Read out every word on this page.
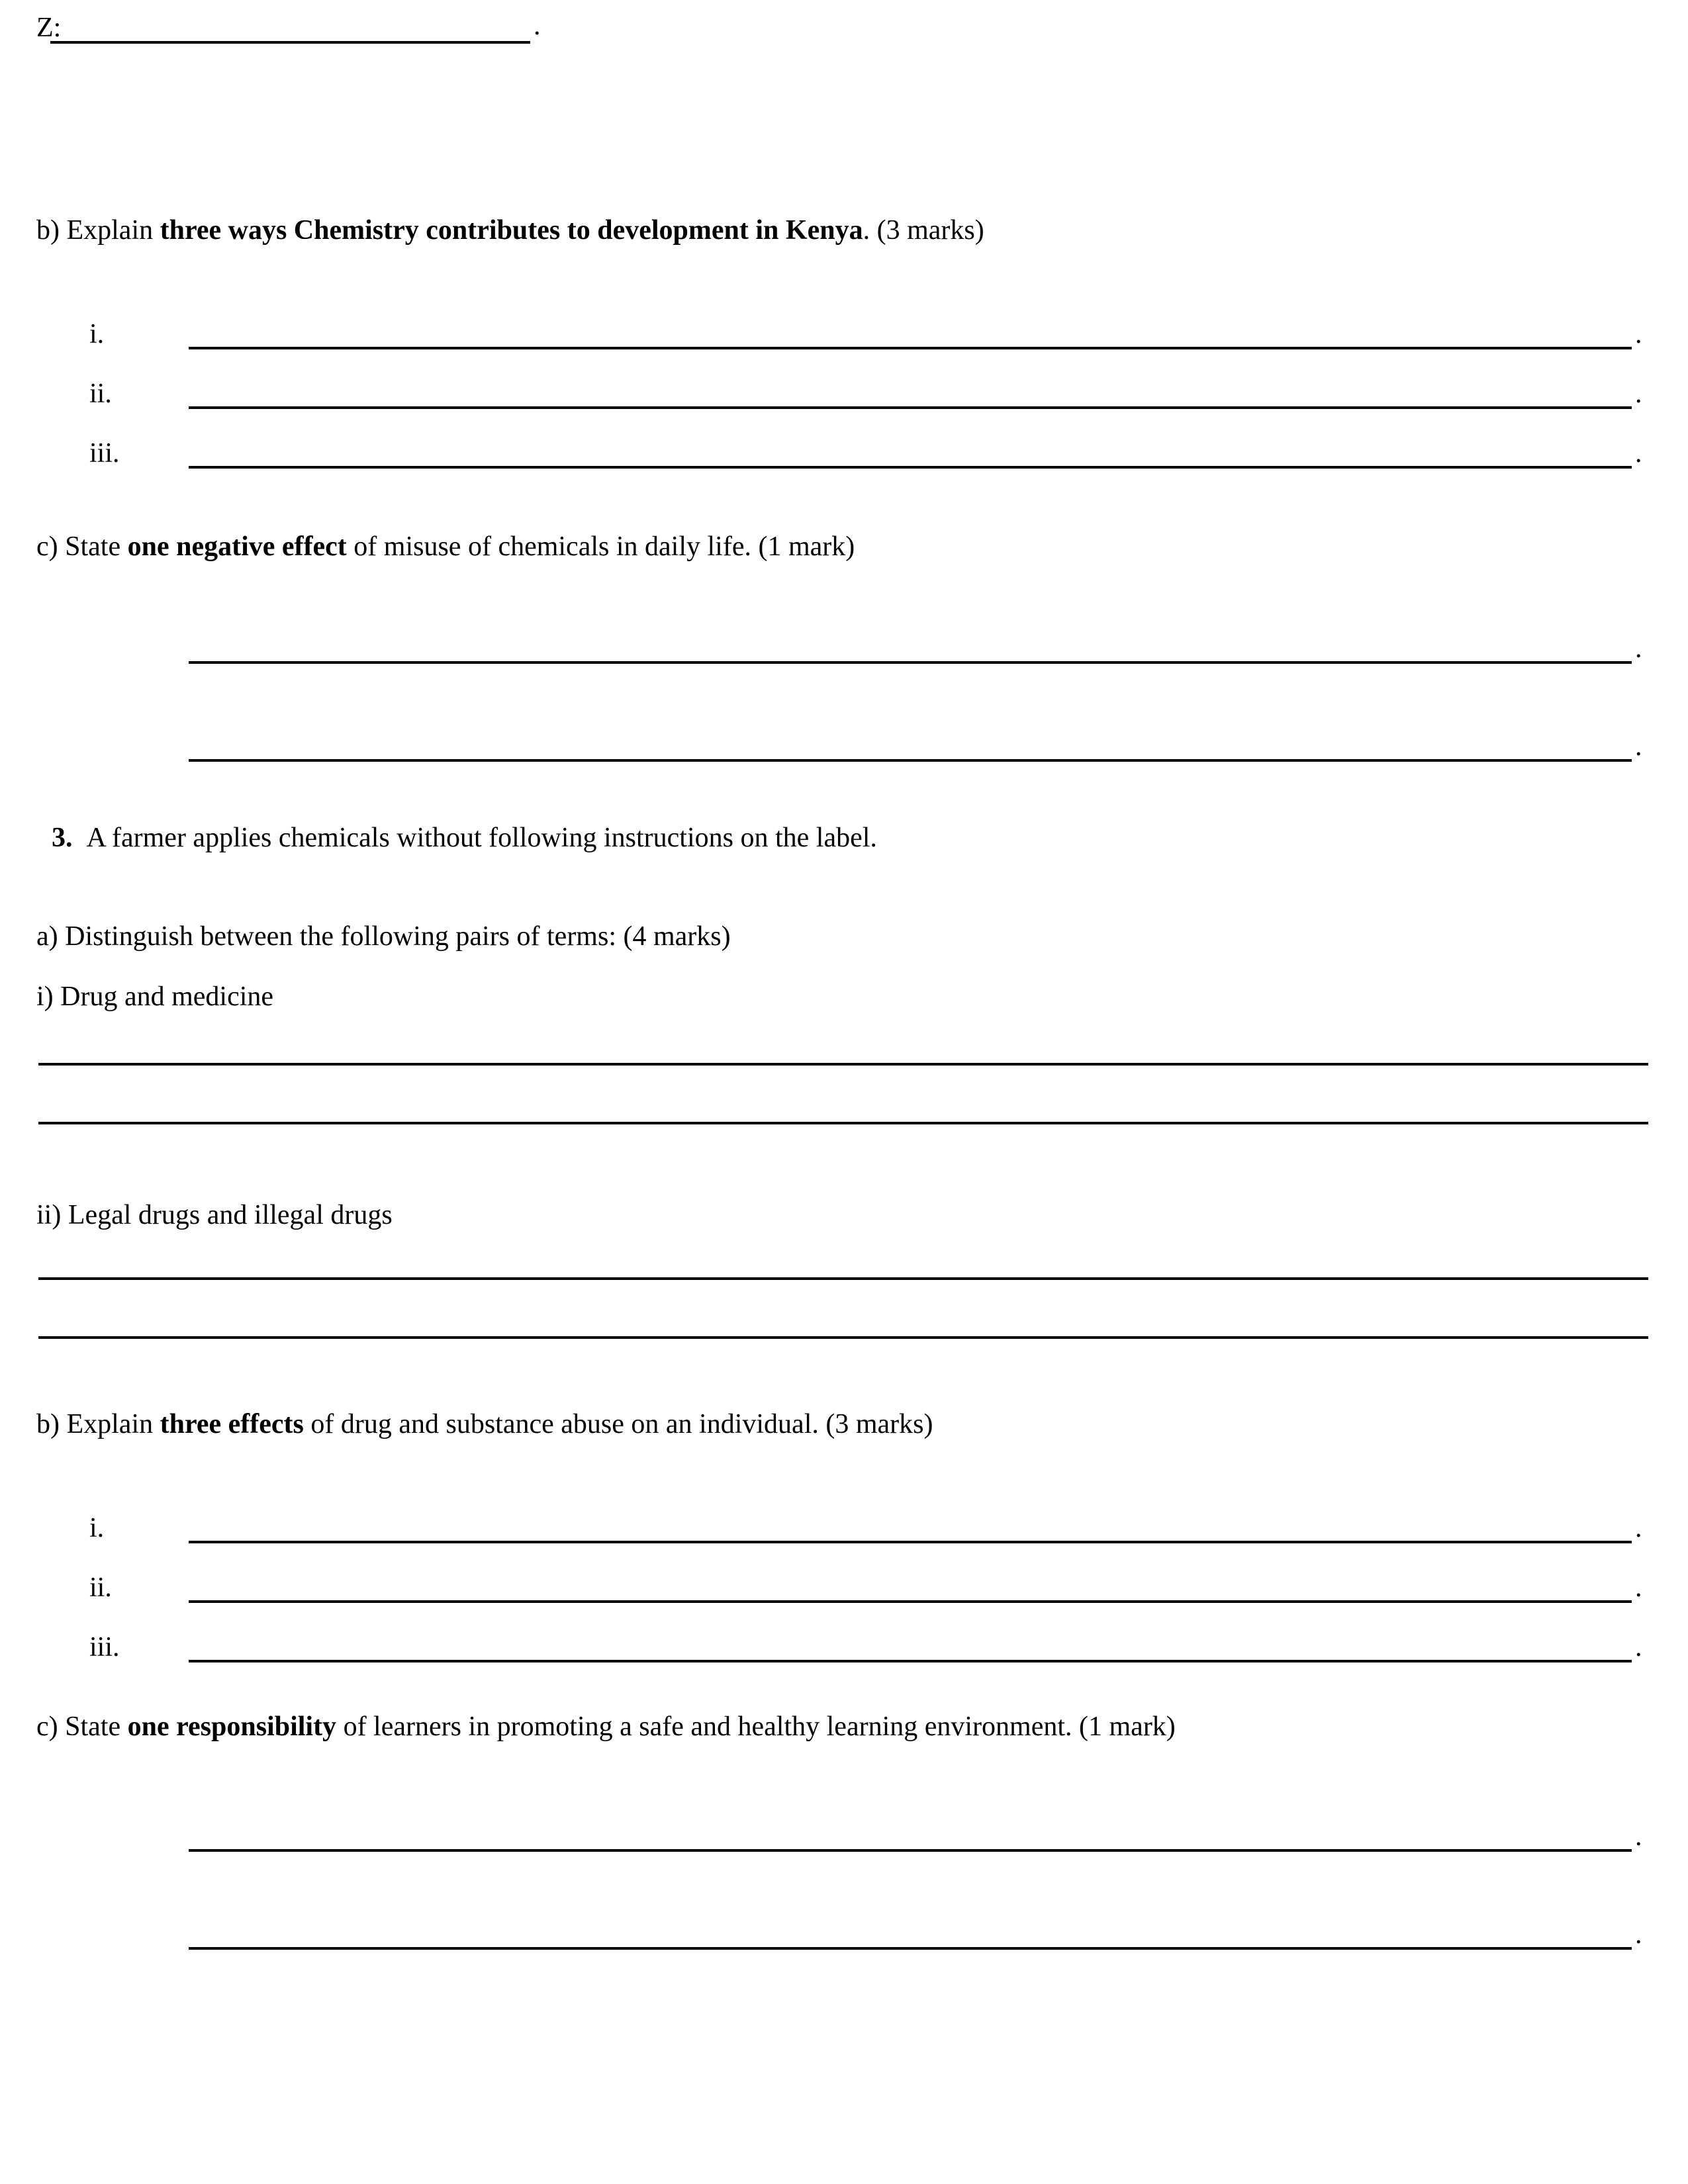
Z:	.
b) Explain three ways Chemistry contributes to development in Kenya. (3 marks)
i.	.
ii.	.
iii.	.
c) State one negative effect of misuse of chemicals in daily life. (1 mark)
.
.
3. A farmer applies chemicals without following instructions on the label.
a) Distinguish between the following pairs of terms: (4 marks)
i) Drug and medicine
ii) Legal drugs and illegal drugs
b) Explain three effects of drug and substance abuse on an individual. (3 marks)
i.	.
ii.	.
iii.	.
c) State one responsibility of learners in promoting a safe and healthy learning environment. (1 mark)
.
.
